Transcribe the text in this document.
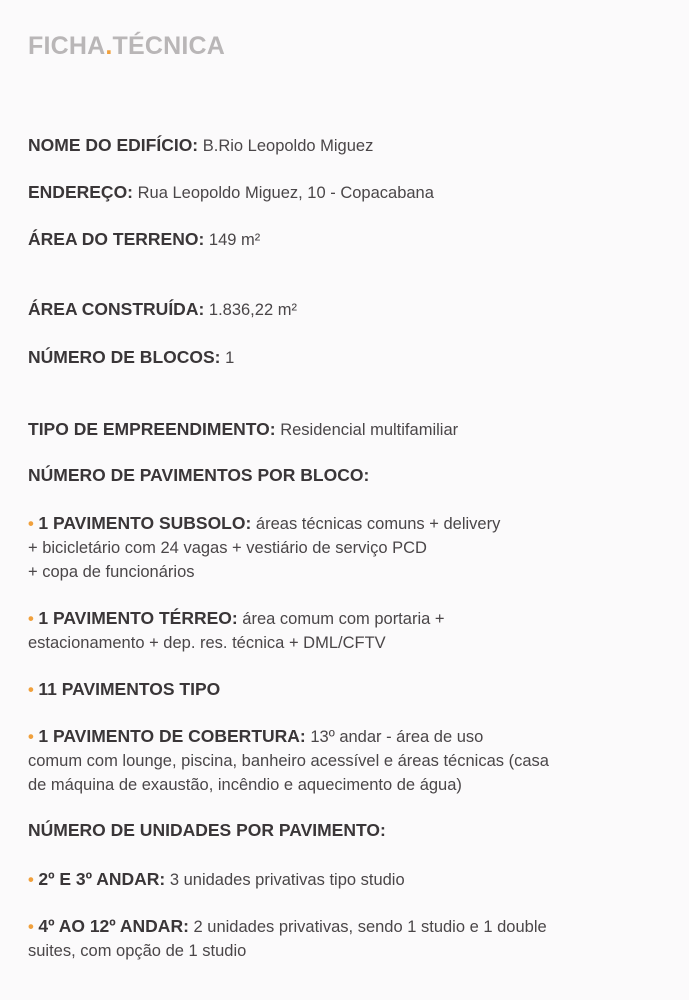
FICHA.TÉCNICA
NOME DO EDIFÍCIO: B.Rio Leopoldo Miguez
ENDEREÇO: Rua Leopoldo Miguez, 10 - Copacabana
ÁREA DO TERRENO: 149 m²
ÁREA CONSTRUÍDA: 1.836,22 m²
NÚMERO DE BLOCOS: 1
TIPO DE EMPREENDIMENTO: Residencial multifamiliar
NÚMERO DE PAVIMENTOS POR BLOCO:
• 1 PAVIMENTO SUBSOLO: áreas técnicas comuns + delivery
+ bicicletário com 24 vagas + vestiário de serviço PCD
+ copa de funcionários
• 1 PAVIMENTO TÉRREO: área comum com portaria +
estacionamento + dep. res. técnica + DML/CFTV
• 11 PAVIMENTOS TIPO
• 1 PAVIMENTO DE COBERTURA: 13º andar - área de uso
comum com lounge, piscina, banheiro acessível e áreas técnicas (casa
de máquina de exaustão, incêndio e aquecimento de água)
NÚMERO DE UNIDADES POR PAVIMENTO:
• 2º E 3º ANDAR: 3 unidades privativas tipo studio
• 4º AO 12º ANDAR: 2 unidades privativas, sendo 1 studio e 1 double
suites, com opção de 1 studio
